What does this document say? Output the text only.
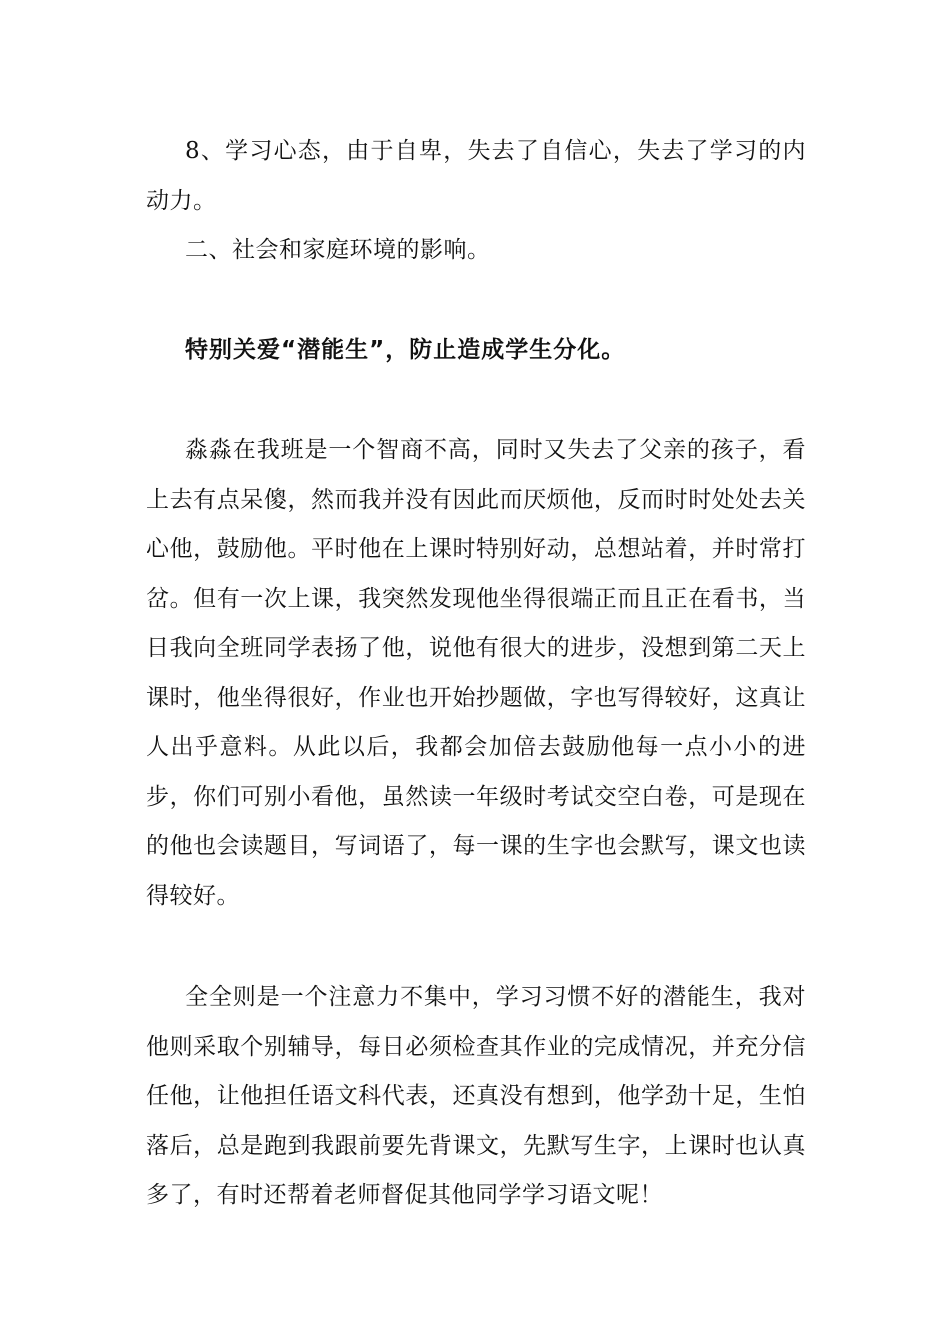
8、学习心态，由于自卑，失去了自信心，失去了学习的内动力。

二、社会和家庭环境的影响。

特别关爱“潜能生”，防止造成学生分化。

淼淼在我班是一个智商不高，同时又失去了父亲的孩子，看上去有点呆傻，然而我并没有因此而厌烦他，反而时时处处去关心他，鼓励他。平时他在上课时特别好动，总想站着，并时常打岔。但有一次上课，我突然发现他坐得很端正而且正在看书，当日我向全班同学表扬了他，说他有很大的进步，没想到第二天上课时，他坐得很好，作业也开始抄题做，字也写得较好，这真让人出乎意料。从此以后，我都会加倍去鼓励他每一点小小的进步，你们可别小看他，虽然读一年级时考试交空白卷，可是现在的他也会读题目，写词语了，每一课的生字也会默写，课文也读得较好。

全全则是一个注意力不集中，学习习惯不好的潜能生，我对他则采取个别辅导，每日必须检查其作业的完成情况，并充分信任他，让他担任语文科代表，还真没有想到，他学劲十足，生怕落后，总是跑到我跟前要先背课文，先默写生字，上课时也认真多了，有时还帮着老师督促其他同学学习语文呢！
